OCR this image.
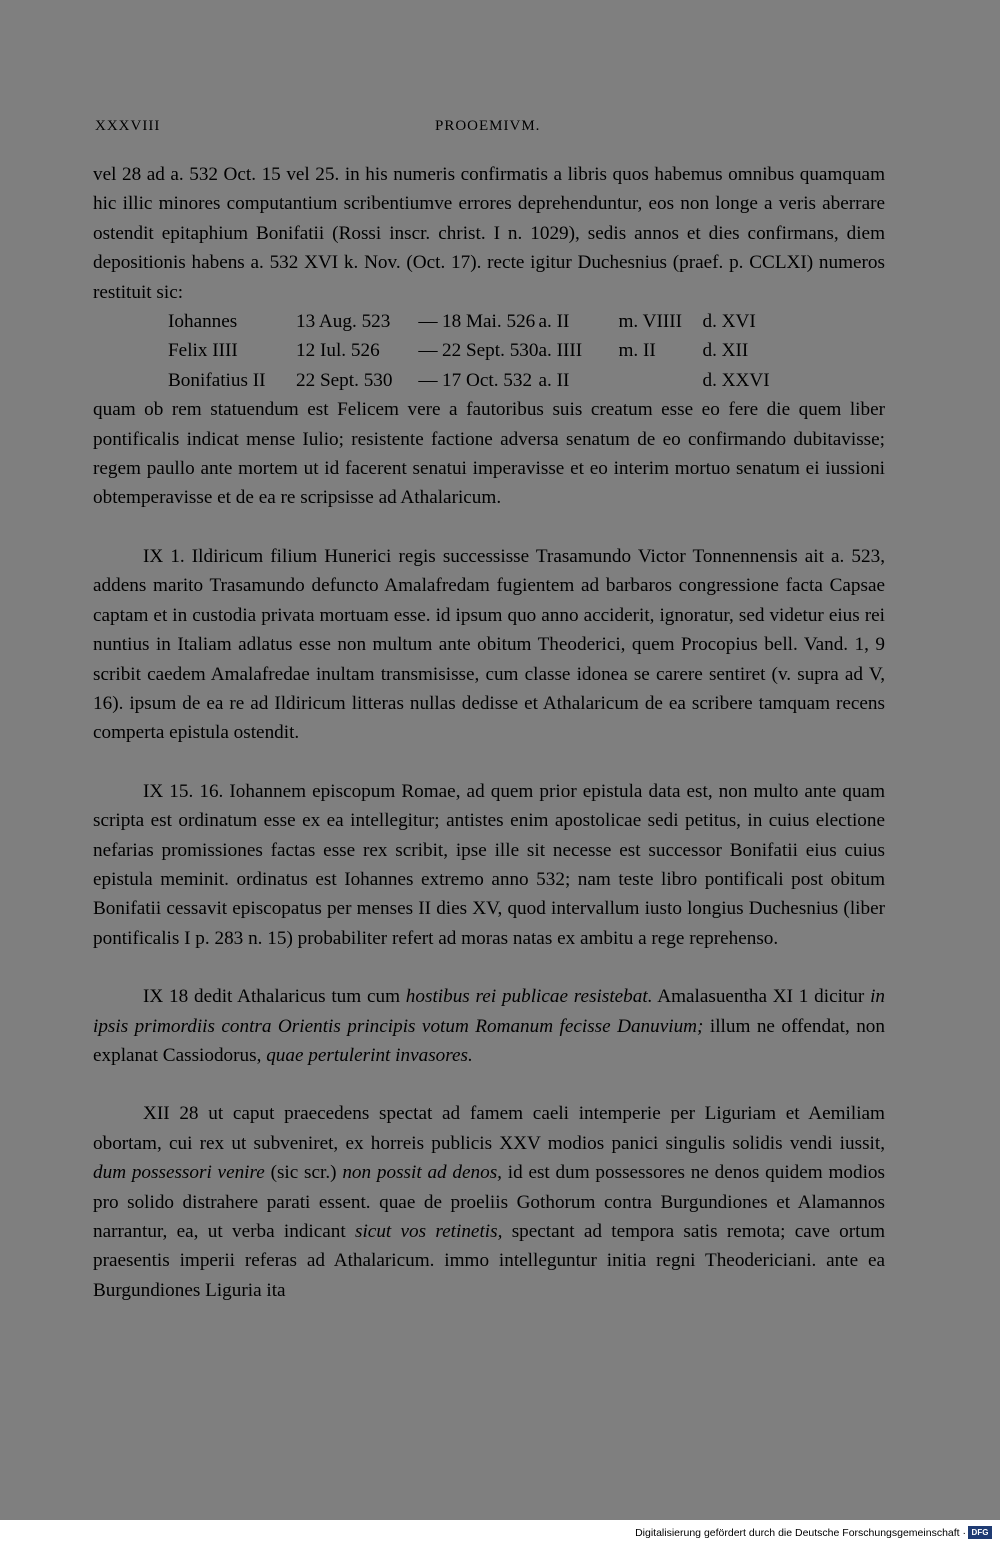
XXXVIII	PROOEMIVM.

vel 28 ad a. 532 Oct. 15 vel 25. in his numeris confirmatis a libris quos habemus omnibus quamquam hic illic minores computantium scribentiumve errores deprehenduntur, eos non longe a veris aberrare ostendit epitaphium Bonifatii (Rossi inscr. christ. I n. 1029), sedis annos et dies confirmans, diem depositionis habens a. 532 XVI k. Nov. (Oct. 17). recte igitur Duchesnius (praef. p. CCLXI) numeros restituit sic:

Iohannes	13 Aug. 523	—	18 Mai. 526	a. II	m. VIIII	d. XVI
Felix IIII	12 Iul. 526	—	22 Sept. 530	a. IIII	m. II	d. XII
Bonifatius II	22 Sept. 530	—	17 Oct. 532	a. II		d. XXVI

quam ob rem statuendum est Felicem vere a fautoribus suis creatum esse eo fere die quem liber pontificalis indicat mense Iulio; resistente factione adversa senatum de eo confirmando dubitavisse; regem paullo ante mortem ut id facerent senatui imperavisse et eo interim mortuo senatum ei iussioni obtemperavisse et de ea re scripsisse ad Athalaricum.

IX 1. Ildiricum filium Hunerici regis successisse Trasamundo Victor Tonnennensis ait a. 523, addens marito Trasamundo defuncto Amalafredam fugientem ad barbaros congressione facta Capsae captam et in custodia privata mortuam esse. id ipsum quo anno acciderit, ignoratur, sed videtur eius rei nuntius in Italiam adlatus esse non multum ante obitum Theoderici, quem Procopius bell. Vand. 1, 9 scribit caedem Amalafredae inultam transmisisse, cum classe idonea se carere sentiret (v. supra ad V, 16). ipsum de ea re ad Ildiricum litteras nullas dedisse et Athalaricum de ea scribere tamquam recens comperta epistula ostendit.

IX 15. 16. Iohannem episcopum Romae, ad quem prior epistula data est, non multo ante quam scripta est ordinatum esse ex ea intellegitur; antistes enim apostolicae sedi petitus, in cuius electione nefarias promissiones factas esse rex scribit, ipse ille sit necesse est successor Bonifatii eius cuius epistula meminit. ordinatus est Iohannes extremo anno 532; nam teste libro pontificali post obitum Bonifatii cessavit episcopatus per menses II dies XV, quod intervallum iusto longius Duchesnius (liber pontificalis I p. 283 n. 15) probabiliter refert ad moras natas ex ambitu a rege reprehenso.

IX 18 dedit Athalaricus tum cum hostibus rei publicae resistebat. Amalasuentha XI 1 dicitur in ipsis primordiis contra Orientis principis votum Romanum fecisse Danuvium; illum ne offendat, non explanat Cassiodorus, quae pertulerint invasores.

XII 28 ut caput praecedens spectat ad famem caeli intemperie per Liguriam et Aemiliam obortam, cui rex ut subveniret, ex horreis publicis XXV modios panici singulis solidis vendi iussit, dum possessori venire (sic scr.) non possit ad denos, id est dum possessores ne denos quidem modios pro solido distrahere parati essent. quae de proeliis Gothorum contra Burgundiones et Alamannos narrantur, ea, ut verba indicant sicut vos retinetis, spectant ad tempora satis remota; cave ortum praesentis imperii referas ad Athalaricum. immo intelleguntur initia regni Theodericiani. ante ea Burgundiones Liguria ita

Digitalisierung gefördert durch die Deutsche Forschungsgemeinschaft · DFG
